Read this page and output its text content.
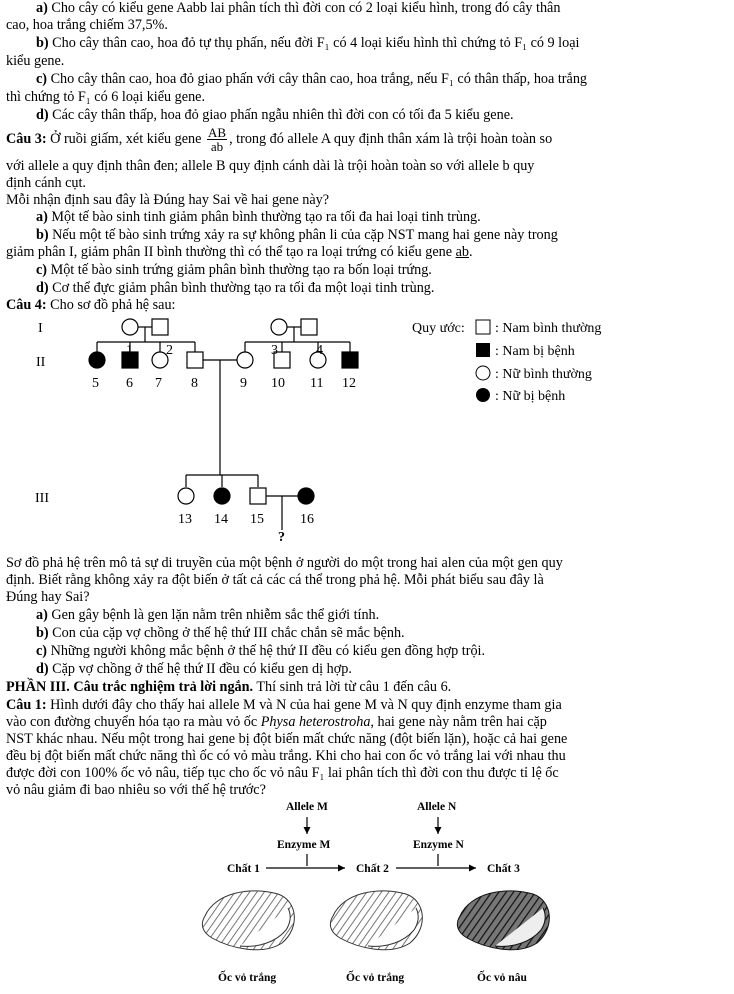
a) Cho cây có kiểu gene Aabb lai phân tích thì đời con có 2 loại kiểu hình, trong đó cây thân
cao, hoa trắng chiếm 37,5%.
b) Cho cây thân cao, hoa đỏ tự thụ phấn, nếu đời F₁ có 4 loại kiểu hình thì chứng tỏ F₁ có 9 loại
kiểu gene.
c) Cho cây thân cao, hoa đỏ giao phấn với cây thân cao, hoa trắng, nếu F₁ có thân thấp, hoa trắng
thì chứng tỏ F₁ có 6 loại kiểu gene.
d) Các cây thân thấp, hoa đỏ giao phấn ngẫu nhiên thì đời con có tối đa 5 kiểu gene.
Câu 3: Ở ruồi giấm, xét kiểu gene $\frac{AB}{ab}$ , trong đó allele A quy định thân xám là trội hoàn toàn so
với allele a quy định thân đen; allele B quy định cánh dài là trội hoàn toàn so với allele b quy
định cánh cụt.
Mỗi nhận định sau đây là Đúng hay Sai về hai gene này?
a) Một tế bào sinh tinh giảm phân bình thường tạo ra tối đa hai loại tinh trùng.
b) Nếu một tế bào sinh trứng xảy ra sự không phân li của cặp NST mang hai gene này trong
giảm phân I, giảm phân II bình thường thì có thể tạo ra loại trứng có kiểu gene ab.
c) Một tế bào sinh trứng giảm phân bình thường tạo ra bốn loại trứng.
d) Cơ thể đực giảm phân bình thường tạo ra tối đa một loại tinh trùng.
Câu 4: Cho sơ đồ phả hệ sau:
I
II
III
1 2	3	4
5 6 7 8	9 10 11 12
13 14 15	16
?
Quy ước: : Nam bình thường
: Nam bị bệnh
: Nữ bình thường
: Nữ bị bệnh
Sơ đồ phả hệ trên mô tả sự di truyền của một bệnh ở người do một trong hai alen của một gen quy
định. Biết rằng không xảy ra đột biến ở tất cả các cá thể trong phả hệ. Mỗi phát biểu sau đây là
Đúng hay Sai?
a) Gen gây bệnh là gen lặn nằm trên nhiễm sắc thể giới tính.
b) Con của cặp vợ chồng ở thế hệ thứ III chắc chắn sẽ mắc bệnh.
c) Những người không mắc bệnh ở thế hệ thứ II đều có kiểu gen đồng hợp trội.
d) Cặp vợ chồng ở thế hệ thứ II đều có kiểu gen dị hợp.
PHẦN III. Câu trắc nghiệm trả lời ngắn. Thí sinh trả lời từ câu 1 đến câu 6.
Câu 1: Hình dưới đây cho thấy hai allele M và N của hai gene M và N quy định enzyme tham gia
vào con đường chuyển hóa tạo ra màu vỏ ốc Physa heterostroha, hai gene này nằm trên hai cặp
NST khác nhau. Nếu một trong hai gene bị đột biến mất chức năng (đột biến lặn), hoặc cả hai gene
đều bị đột biến mất chức năng thì ốc có vỏ màu trắng. Khi cho hai con ốc vỏ trắng lai với nhau thu
được đời con 100% ốc vỏ nâu, tiếp tục cho ốc vỏ nâu F₁ lai phân tích thì đời con thu được tỉ lệ ốc
vỏ nâu giảm đi bao nhiêu so với thế hệ trước?
Allele M	Allele N
Enzyme M	Enzyme N
Chất 1	Chất 2	Chất 3
Ốc vỏ trắng	Ốc vỏ trắng	Ốc vỏ nâu
